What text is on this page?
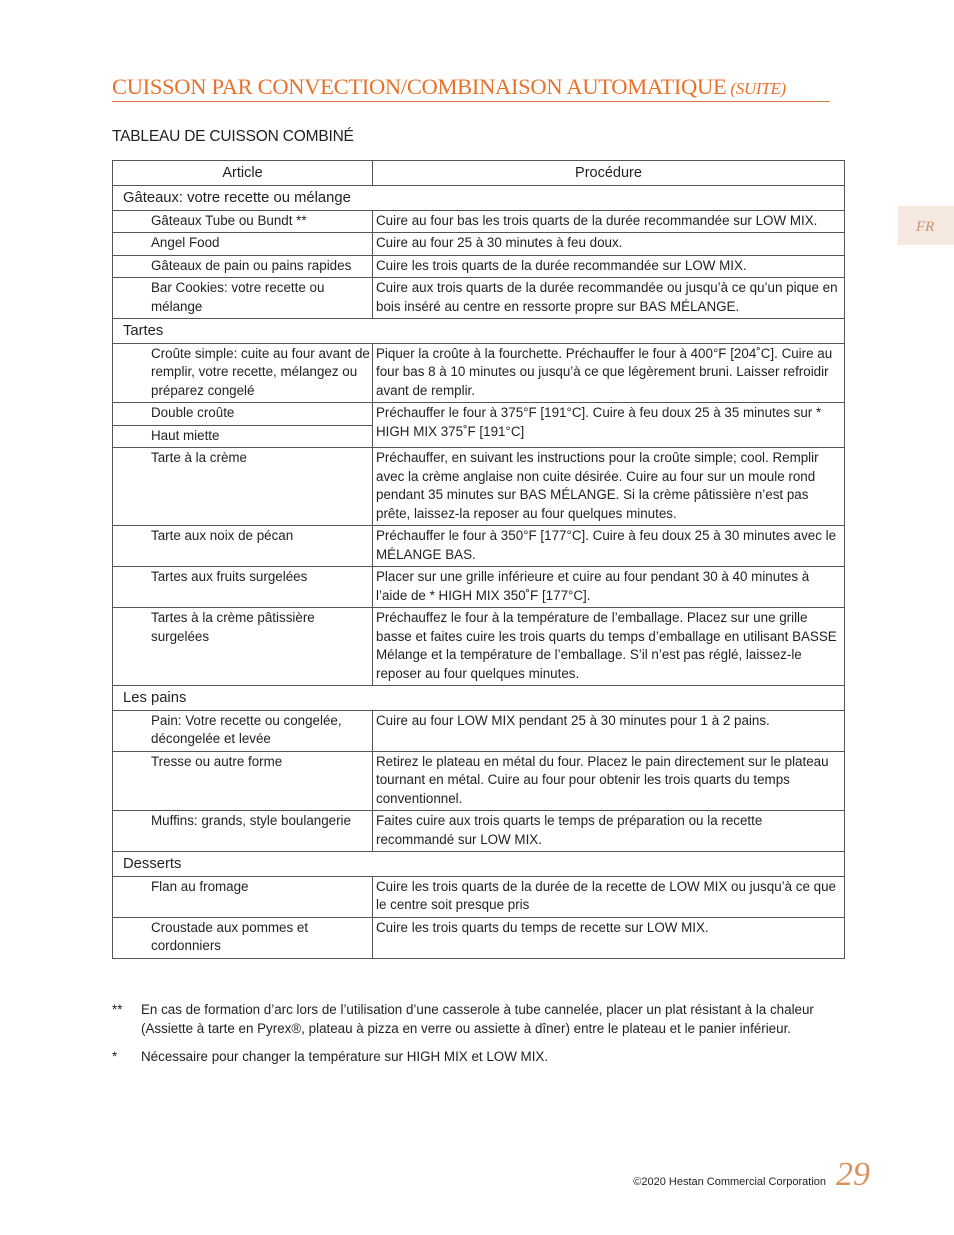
CUISSON PAR CONVECTION/COMBINAISON AUTOMATIQUE (SUITE)
TABLEAU DE CUISSON COMBINÉ
FR
Article	Procédure
Gâteaux: votre recette ou mélange	
Gâteaux Tube ou Bundt **	Cuire au four bas les trois quarts de la durée recommandée sur LOW MIX.
Angel Food	Cuire au four 25 à 30 minutes à feu doux.
Gâteaux de pain ou pains rapides	Cuire les trois quarts de la durée recommandée sur LOW MIX.
Bar Cookies: votre recette ou mélange	Cuire aux trois quarts de la durée recommandée ou jusqu’à ce qu’un pique en bois inséré au centre en ressorte propre sur BAS MÉLANGE.
Tartes	
Croûte simple: cuite au four avant de remplir, votre recette, mélangez ou préparez congelé	Piquer la croûte à la fourchette. Préchauffer le four à 400°F [204˚C]. Cuire au four bas 8 à 10 minutes ou jusqu’à ce que légèrement bruni. Laisser refroidir avant de remplir.
Double croûte	Préchauffer le four à 375°F [191°C]. Cuire à feu doux 25 à 35 minutes sur * HIGH MIX 375˚F [191°C]
Haut miette	
Tarte à la crème	Préchauffer, en suivant les instructions pour la croûte simple; cool. Remplir avec la crème anglaise non cuite désirée. Cuire au four sur un moule rond pendant 35 minutes sur BAS MÉLANGE. Si la crème pâtissière n’est pas prête, laissez-la reposer au four quelques minutes.
Tarte aux noix de pécan	Préchauffer le four à 350°F [177°C]. Cuire à feu doux 25 à 30 minutes avec le MÉLANGE BAS.
Tartes aux fruits surgelées	Placer sur une grille inférieure et cuire au four pendant 30 à 40 minutes à l’aide de * HIGH MIX 350˚F [177°C].
Tartes à la crème pâtissière surgelées	Préchauffez le four à la température de l’emballage. Placez sur une grille basse et faites cuire les trois quarts du temps d’emballage en utilisant BASSE Mélange et la température de l’emballage. S’il n’est pas réglé, laissez-le reposer au four quelques minutes.
Les pains	
Pain: Votre recette ou congelée, décongelée et levée	Cuire au four LOW MIX pendant 25 à 30 minutes pour 1 à 2 pains.
Tresse ou autre forme	Retirez le plateau en métal du four. Placez le pain directement sur le plateau tournant en métal. Cuire au four pour obtenir les trois quarts du temps conventionnel.
Muffins: grands, style boulangerie	Faites cuire aux trois quarts le temps de préparation ou la recette recommandé sur LOW MIX.
Desserts	
Flan au fromage	Cuire les trois quarts de la durée de la recette de LOW MIX ou jusqu’à ce que le centre soit presque pris
Croustade aux pommes et cordonniers	Cuire les trois quarts du temps de recette sur LOW MIX.
** En cas de formation d’arc lors de l’utilisation d’une casserole à tube cannelée, placer un plat résistant à la chaleur (Assiette à tarte en Pyrex®, plateau à pizza en verre ou assiette à dîner) entre le plateau et le panier inférieur.
* Nécessaire pour changer la température sur HIGH MIX et LOW MIX.
©2020 Hestan Commercial Corporation 29
